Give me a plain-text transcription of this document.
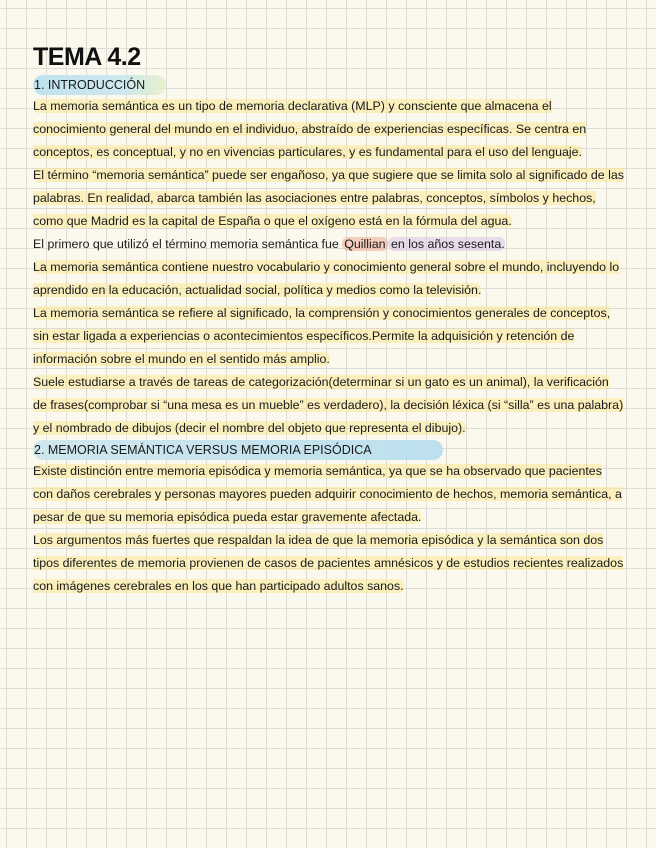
TEMA 4.2
1. INTRODUCCIÓN

La memoria semántica es un tipo de memoria declarativa (MLP) y consciente que almacena el conocimiento general del mundo en el individuo, abstraído de experiencias específicas. Se centra en conceptos, es conceptual, y no en vivencias particulares, y es fundamental para el uso del lenguaje.

El término “memoria semántica” puede ser engañoso, ya que sugiere que se limita solo al significado de las palabras. En realidad, abarca también las asociaciones entre palabras, conceptos, símbolos y hechos, como que Madrid es la capital de España o que el oxígeno está en la fórmula del agua.

El primero que utilizó el término memoria semántica fue Quillian en los años sesenta.

La memoria semántica contiene nuestro vocabulario y conocimiento general sobre el mundo, incluyendo lo aprendido en la educación, actualidad social, política y medios como la televisión.

La memoria semántica se refiere al significado, la comprensión y conocimientos generales de conceptos, sin estar ligada a experiencias o acontecimientos específicos.Permite la adquisición y retención de información sobre el mundo en el sentido más amplio.

Suele estudiarse a través de tareas de categorización(determinar si un gato es un animal), la verificación de frases(comprobar si “una mesa es un mueble” es verdadero), la decisión léxica (si “silla” es una palabra) y el nombrado de dibujos (decir el nombre del objeto que representa el dibujo).

2. MEMORIA SEMÁNTICA VERSUS MEMORIA EPISÓDICA

Existe distinción entre memoria episódica y memoria semántica, ya que se ha observado que pacientes con daños cerebrales y personas mayores pueden adquirir conocimiento de hechos, memoria semántica, a pesar de que su memoria episódica pueda estar gravemente afectada.

Los argumentos más fuertes que respaldan la idea de que la memoria episódica y la semántica son dos tipos diferentes de memoria provienen de casos de pacientes amnésicos y de estudios recientes realizados con imágenes cerebrales en los que han participado adultos sanos.
